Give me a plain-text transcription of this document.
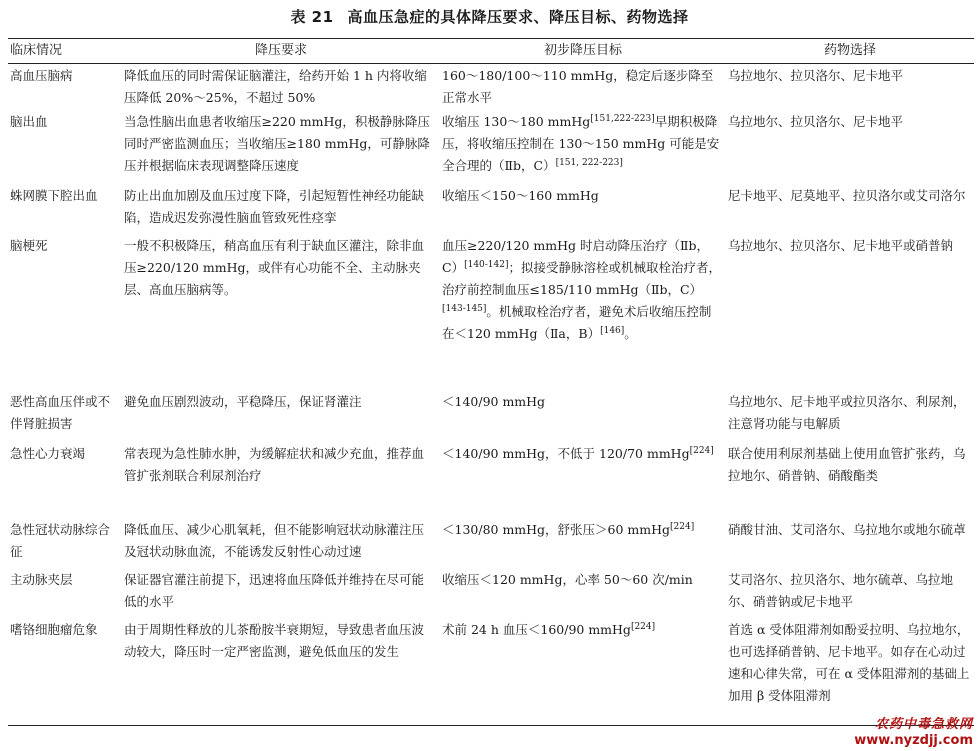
表 21 高血压急症的具体降压要求、降压目标、药物选择
临床情况	降压要求	初步降压目标	药物选择
高血压脑病	降低血压的同时需保证脑灌注，给药开始 1 h 内将收缩压降低 20%～25%，不超过 50%	160～180/100～110 mmHg，稳定后逐步降至正常水平	乌拉地尔、拉贝洛尔、尼卡地平
脑出血	当急性脑出血患者收缩压≥220 mmHg，积极静脉降压同时严密监测血压；当收缩压≥180 mmHg，可静脉降压并根据临床表现调整降压速度	收缩压 130～180 mmHg[151,222-223]早期积极降压，将收缩压控制在 130～150 mmHg 可能是安全合理的（Ⅱb，C）[151, 222-223]	乌拉地尔、拉贝洛尔、尼卡地平
蛛网膜下腔出血	防止出血加剧及血压过度下降，引起短暂性神经功能缺陷，造成迟发弥漫性脑血管致死性痉挛	收缩压＜150～160 mmHg	尼卡地平、尼莫地平、拉贝洛尔或艾司洛尔
脑梗死	一般不积极降压，稍高血压有利于缺血区灌注，除非血压≥220/120 mmHg，或伴有心功能不全、主动脉夹层、高血压脑病等。	血压≥220/120 mmHg 时启动降压治疗（Ⅱb，C）[140-142]；拟接受静脉溶栓或机械取栓治疗者，治疗前控制血压≤185/110 mmHg（Ⅱb，C）[143-145]。机械取栓治疗者，避免术后收缩压控制在＜120 mmHg（Ⅱa，B）[146]。	乌拉地尔、拉贝洛尔、尼卡地平或硝普钠
恶性高血压伴或不伴肾脏损害	避免血压剧烈波动，平稳降压，保证肾灌注	＜140/90 mmHg	乌拉地尔、尼卡地平或拉贝洛尔、利尿剂，注意肾功能与电解质
急性心力衰竭	常表现为急性肺水肿，为缓解症状和减少充血，推荐血管扩张剂联合利尿剂治疗	＜140/90 mmHg，不低于 120/70 mmHg[224]	联合使用利尿剂基础上使用血管扩张药，乌拉地尔、硝普钠、硝酸酯类
急性冠状动脉综合征	降低血压、减少心肌氧耗，但不能影响冠状动脉灌注压及冠状动脉血流，不能诱发反射性心动过速	＜130/80 mmHg，舒张压＞60 mmHg[224]	硝酸甘油、艾司洛尔、乌拉地尔或地尔硫䓬
主动脉夹层	保证器官灌注前提下，迅速将血压降低并维持在尽可能低的水平	收缩压＜120 mmHg，心率 50～60 次/min	艾司洛尔、拉贝洛尔、地尔硫䓬、乌拉地尔、硝普钠或尼卡地平
嗜铬细胞瘤危象	由于周期性释放的儿茶酚胺半衰期短，导致患者血压波动较大，降压时一定严密监测，避免低血压的发生	术前 24 h 血压＜160/90 mmHg[224]	首选 α 受体阻滞剂如酚妥拉明、乌拉地尔，也可选择硝普钠、尼卡地平。如存在心动过速和心律失常，可在 α 受体阻滞剂的基础上加用 β 受体阻滞剂
农药中毒急救网
www.nyzdjj.com
